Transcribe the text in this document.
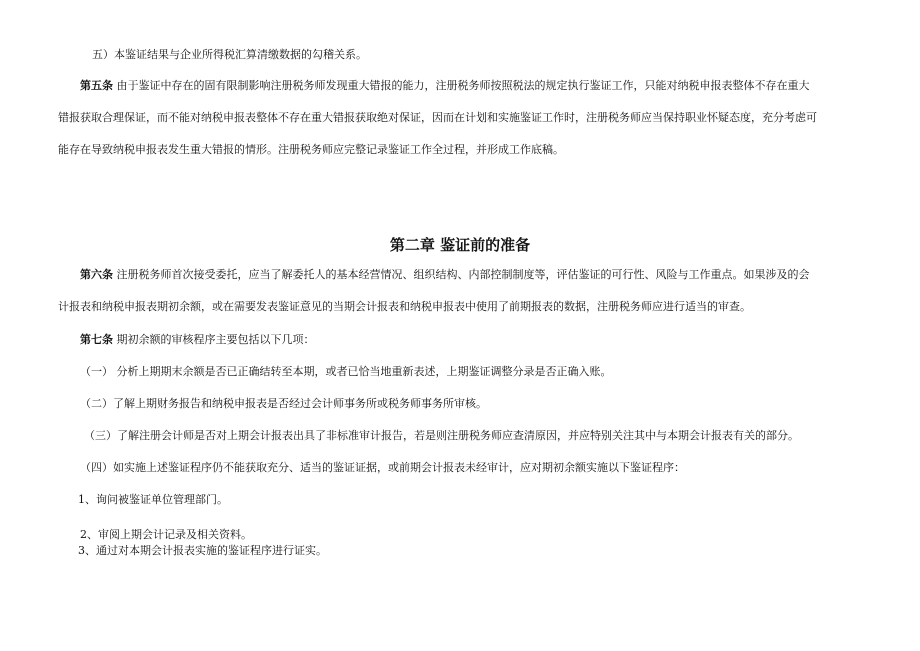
五）本鉴证结果与企业所得税汇算清缴数据的勾稽关系。
第五条 由于鉴证中存在的固有限制影响注册税务师发现重大错报的能力，注册税务师按照税法的规定执行鉴证工作，只能对纳税申报表整体不存在重大
错报获取合理保证，而不能对纳税申报表整体不存在重大错报获取绝对保证，因而在计划和实施鉴证工作时，注册税务师应当保持职业怀疑态度，充分考虑可
能存在导致纳税申报表发生重大错报的情形。注册税务师应完整记录鉴证工作全过程，并形成工作底稿。
第二章 鉴证前的准备
第六条 注册税务师首次接受委托，应当了解委托人的基本经营情况、组织结构、内部控制制度等，评估鉴证的可行性、风险与工作重点。如果涉及的会
计报表和纳税申报表期初余额，或在需要发表鉴证意见的当期会计报表和纳税申报表中使用了前期报表的数据，注册税务师应进行适当的审查。
第七条 期初余额的审核程序主要包括以下几项：
（一） 分析上期期末余额是否已正确结转至本期，或者已恰当地重新表述，上期鉴证调整分录是否正确入账。
（二）了解上期财务报告和纳税申报表是否经过会计师事务所或税务师事务所审核。
（三）了解注册会计师是否对上期会计报表出具了非标准审计报告，若是则注册税务师应查清原因，并应特别关注其中与本期会计报表有关的部分。
（四）如实施上述鉴证程序仍不能获取充分、适当的鉴证证据，或前期会计报表未经审计，应对期初余额实施以下鉴证程序：
1、询问被鉴证单位管理部门。
2、审阅上期会计记录及相关资料。
3、通过对本期会计报表实施的鉴证程序进行证实。
